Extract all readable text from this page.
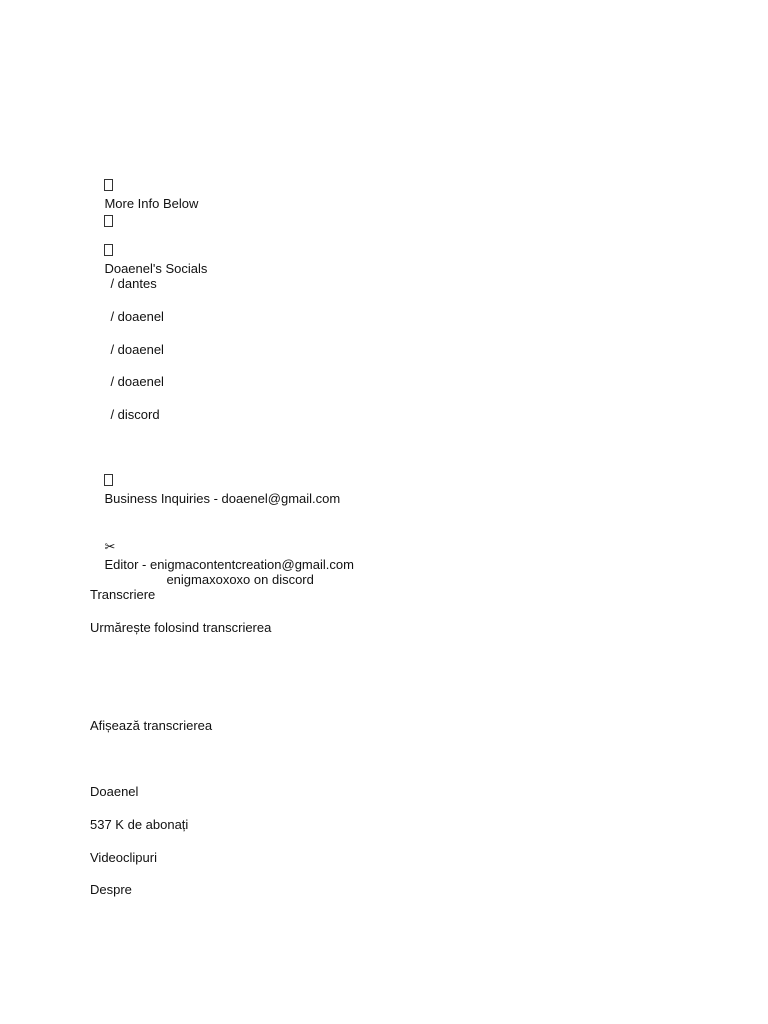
More Info Below

Doaenel's Socials

/ dantes

/ doaenel

/ doaenel

/ doaenel

/ discord

Business Inquiries - doaenel@gmail.com

✂
Editor - enigmacontentcreation@gmail.com

enigmaxoxoxo on discord

Transcriere
Urmărește folosind transcrierea
Afișează transcrierea
Doaenel
537 K de abonați
Videoclipuri
Despre
